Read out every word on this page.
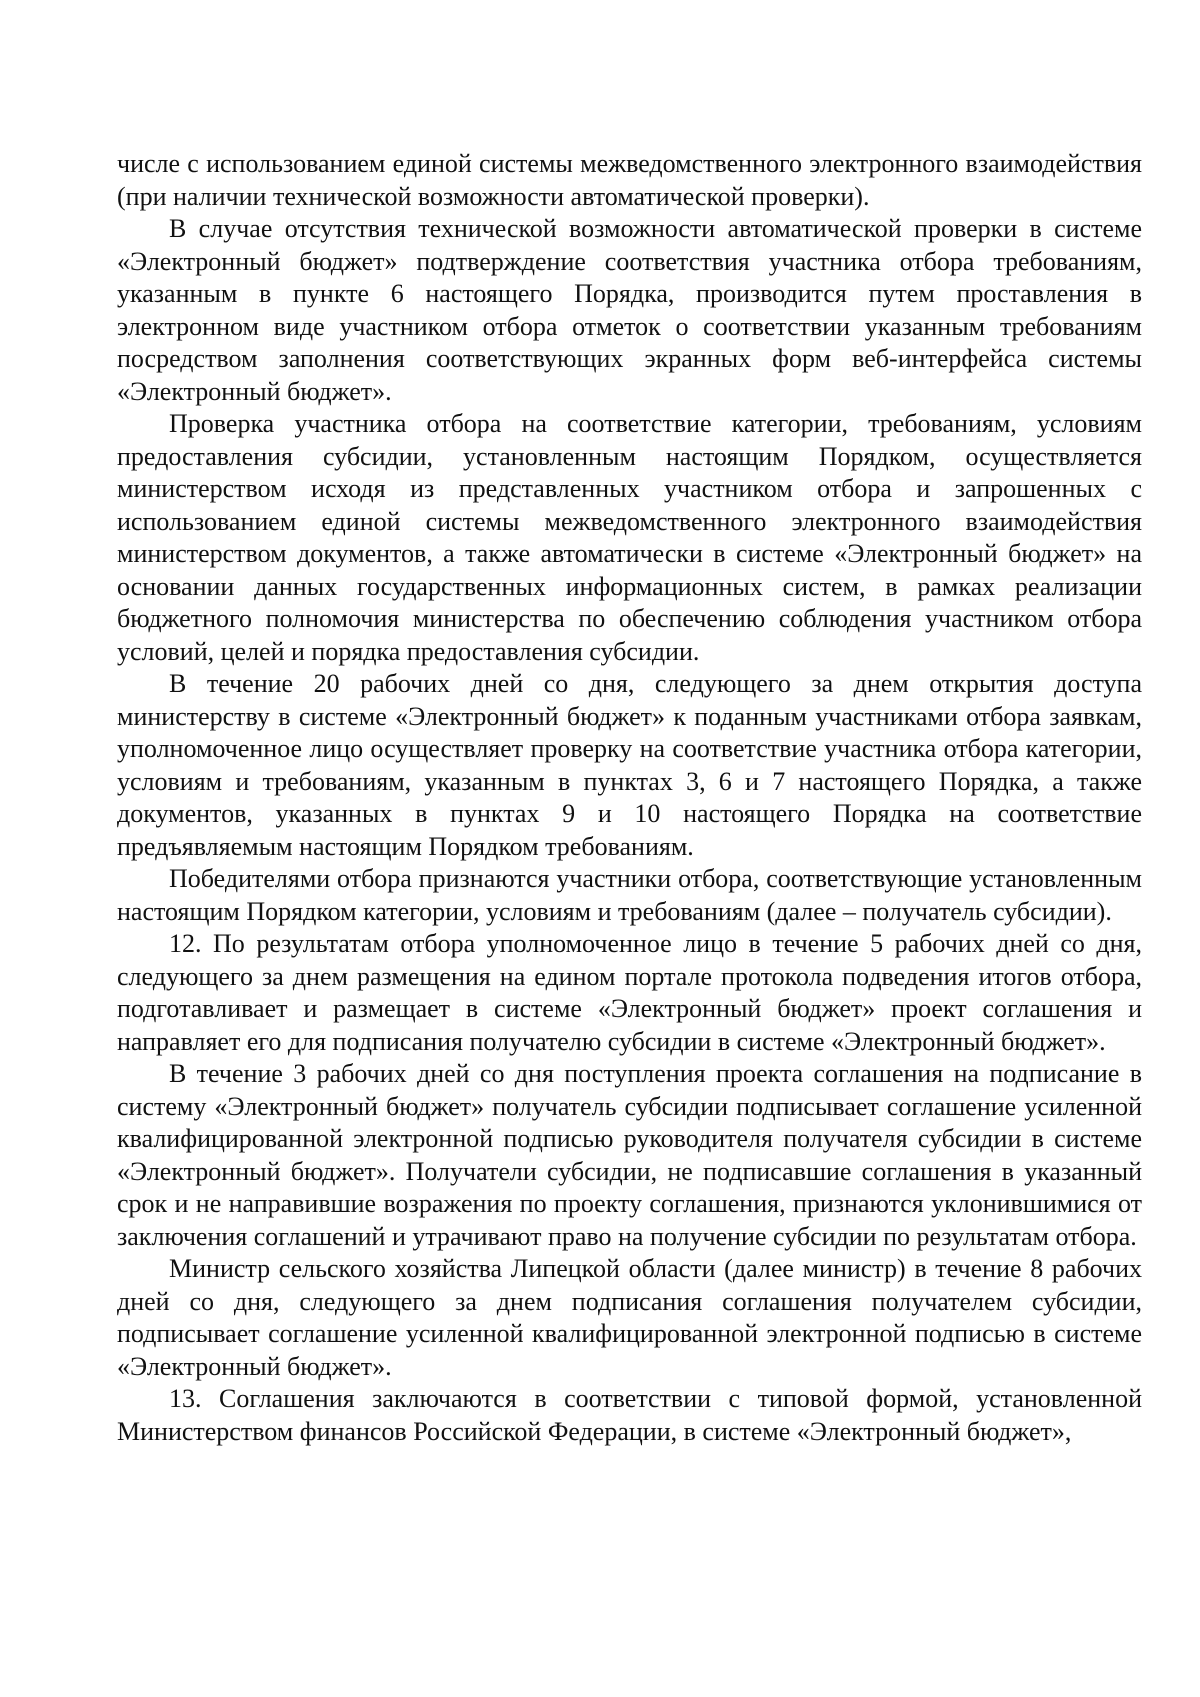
числе с использованием единой системы межведомственного электронного взаимодействия (при наличии технической возможности автоматической проверки).

В случае отсутствия технической возможности автоматической проверки в системе «Электронный бюджет» подтверждение соответствия участника отбора требованиям, указанным в пункте 6 настоящего Порядка, производится путем проставления в электронном виде участником отбора отметок о соответствии указанным требованиям посредством заполнения соответствующих экранных форм веб-интерфейса системы «Электронный бюджет».

Проверка участника отбора на соответствие категории, требованиям, условиям предоставления субсидии, установленным настоящим Порядком, осуществляется министерством исходя из представленных участником отбора и запрошенных с использованием единой системы межведомственного электронного взаимодействия министерством документов, а также автоматически в системе «Электронный бюджет» на основании данных государственных информационных систем, в рамках реализации бюджетного полномочия министерства по обеспечению соблюдения участником отбора условий, целей и порядка предоставления субсидии.

В течение 20 рабочих дней со дня, следующего за днем открытия доступа министерству в системе «Электронный бюджет» к поданным участниками отбора заявкам, уполномоченное лицо осуществляет проверку на соответствие участника отбора категории, условиям и требованиям, указанным в пунктах 3, 6 и 7 настоящего Порядка, а также документов, указанных в пунктах 9 и 10 настоящего Порядка на соответствие предъявляемым настоящим Порядком требованиям.

Победителями отбора признаются участники отбора, соответствующие установленным настоящим Порядком категории, условиям и требованиям (далее – получатель субсидии).

12. По результатам отбора уполномоченное лицо в течение 5 рабочих дней со дня, следующего за днем размещения на едином портале протокола подведения итогов отбора, подготавливает и размещает в системе «Электронный бюджет» проект соглашения и направляет его для подписания получателю субсидии в системе «Электронный бюджет».

В течение 3 рабочих дней со дня поступления проекта соглашения на подписание в систему «Электронный бюджет» получатель субсидии подписывает соглашение усиленной квалифицированной электронной подписью руководителя получателя субсидии в системе «Электронный бюджет». Получатели субсидии, не подписавшие соглашения в указанный срок и не направившие возражения по проекту соглашения, признаются уклонившимися от заключения соглашений и утрачивают право на получение субсидии по результатам отбора.

Министр сельского хозяйства Липецкой области (далее министр) в течение 8 рабочих дней со дня, следующего за днем подписания соглашения получателем субсидии, подписывает соглашение усиленной квалифицированной электронной подписью в системе «Электронный бюджет».

13. Соглашения заключаются в соответствии с типовой формой, установленной Министерством финансов Российской Федерации, в системе «Электронный бюджет»,
